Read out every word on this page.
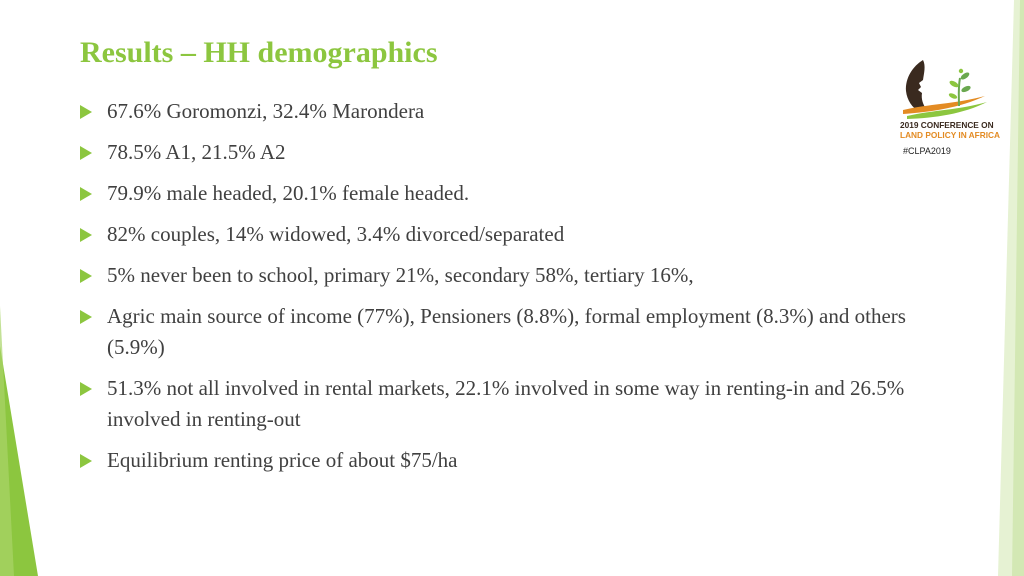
Results – HH demographics
67.6% Goromonzi, 32.4% Marondera
78.5% A1, 21.5% A2
79.9% male headed, 20.1% female headed.
82% couples, 14% widowed, 3.4% divorced/separated
5% never been to school, primary 21%, secondary 58%, tertiary 16%,
Agric main source of income (77%), Pensioners (8.8%), formal employment (8.3%) and others (5.9%)
51.3% not all involved in rental markets, 22.1% involved in some way in renting-in and 26.5% involved in renting-out
Equilibrium renting price of about $75/ha
2019 CONFERENCE ON
LAND POLICY IN AFRICA
#CLPA2019
